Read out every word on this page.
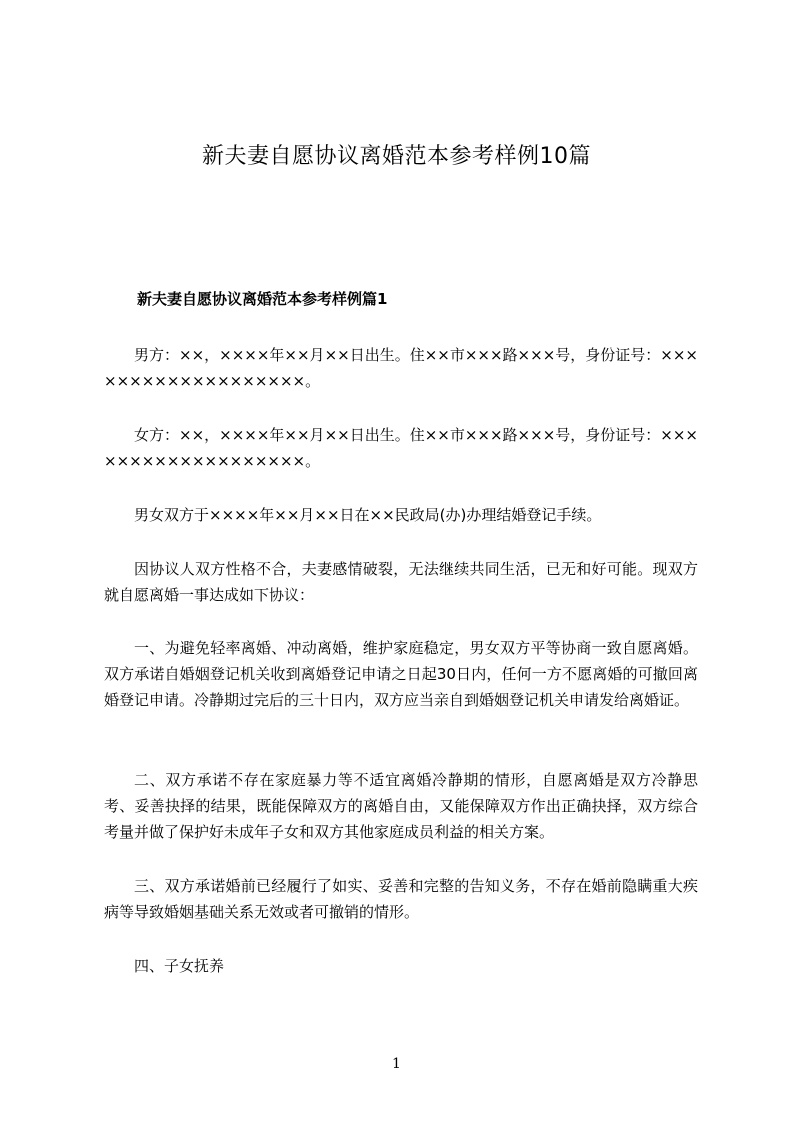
新夫妻自愿协议离婚范本参考样例10篇
新夫妻自愿协议离婚范本参考样例篇1
男方：××，××××年××月××日出生。住××市×××路×××号，身份证号：×××××××××××××××××××。
女方：××，××××年××月××日出生。住××市×××路×××号，身份证号：×××××××××××××××××××。
男女双方于××××年××月××日在××民政局(办)办理结婚登记手续。
因协议人双方性格不合，夫妻感情破裂，无法继续共同生活，已无和好可能。现双方就自愿离婚一事达成如下协议：
一、为避免轻率离婚、冲动离婚，维护家庭稳定，男女双方平等协商一致自愿离婚。双方承诺自婚姻登记机关收到离婚登记申请之日起30日内，任何一方不愿离婚的可撤回离婚登记申请。冷静期过完后的三十日内，双方应当亲自到婚姻登记机关申请发给离婚证。
二、双方承诺不存在家庭暴力等不适宜离婚冷静期的情形，自愿离婚是双方冷静思考、妥善抉择的结果，既能保障双方的离婚自由，又能保障双方作出正确抉择，双方综合考量并做了保护好未成年子女和双方其他家庭成员利益的相关方案。
三、双方承诺婚前已经履行了如实、妥善和完整的告知义务，不存在婚前隐瞒重大疾病等导致婚姻基础关系无效或者可撤销的情形。
四、子女抚养
1
